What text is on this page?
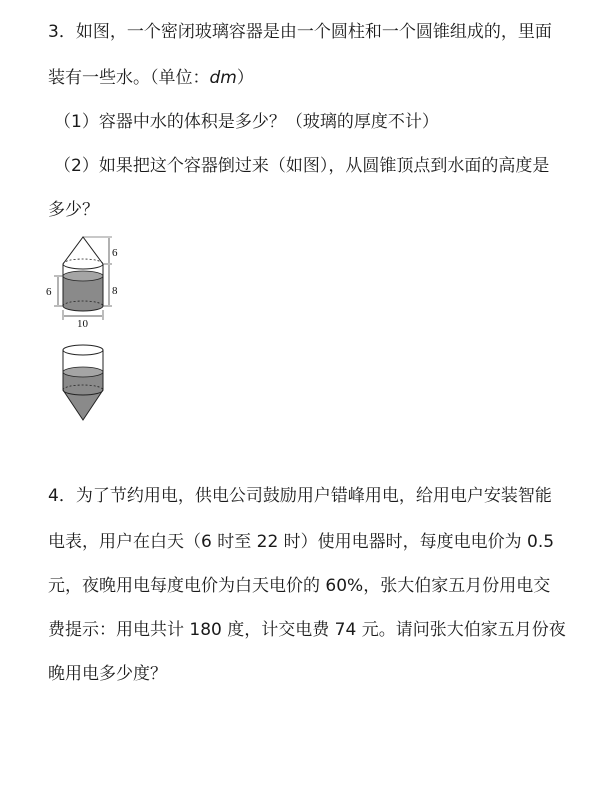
3．如图，一个密闭玻璃容器是由一个圆柱和一个圆锥组成的，里面
装有一些水。（单位：dm）
（1）容器中水的体积是多少？（玻璃的厚度不计）
（2）如果把这个容器倒过来（如图），从圆锥顶点到水面的高度是
多少？
6
8
6
10
4．为了节约用电，供电公司鼓励用户错峰用电，给用电户安装智能
电表，用户在白天（6 时至 22 时）使用电器时，每度电电价为 0.5
元，夜晚用电每度电价为白天电价的 60%，张大伯家五月份用电交
费提示：用电共计 180 度，计交电费 74 元。请问张大伯家五月份夜
晚用电多少度？
